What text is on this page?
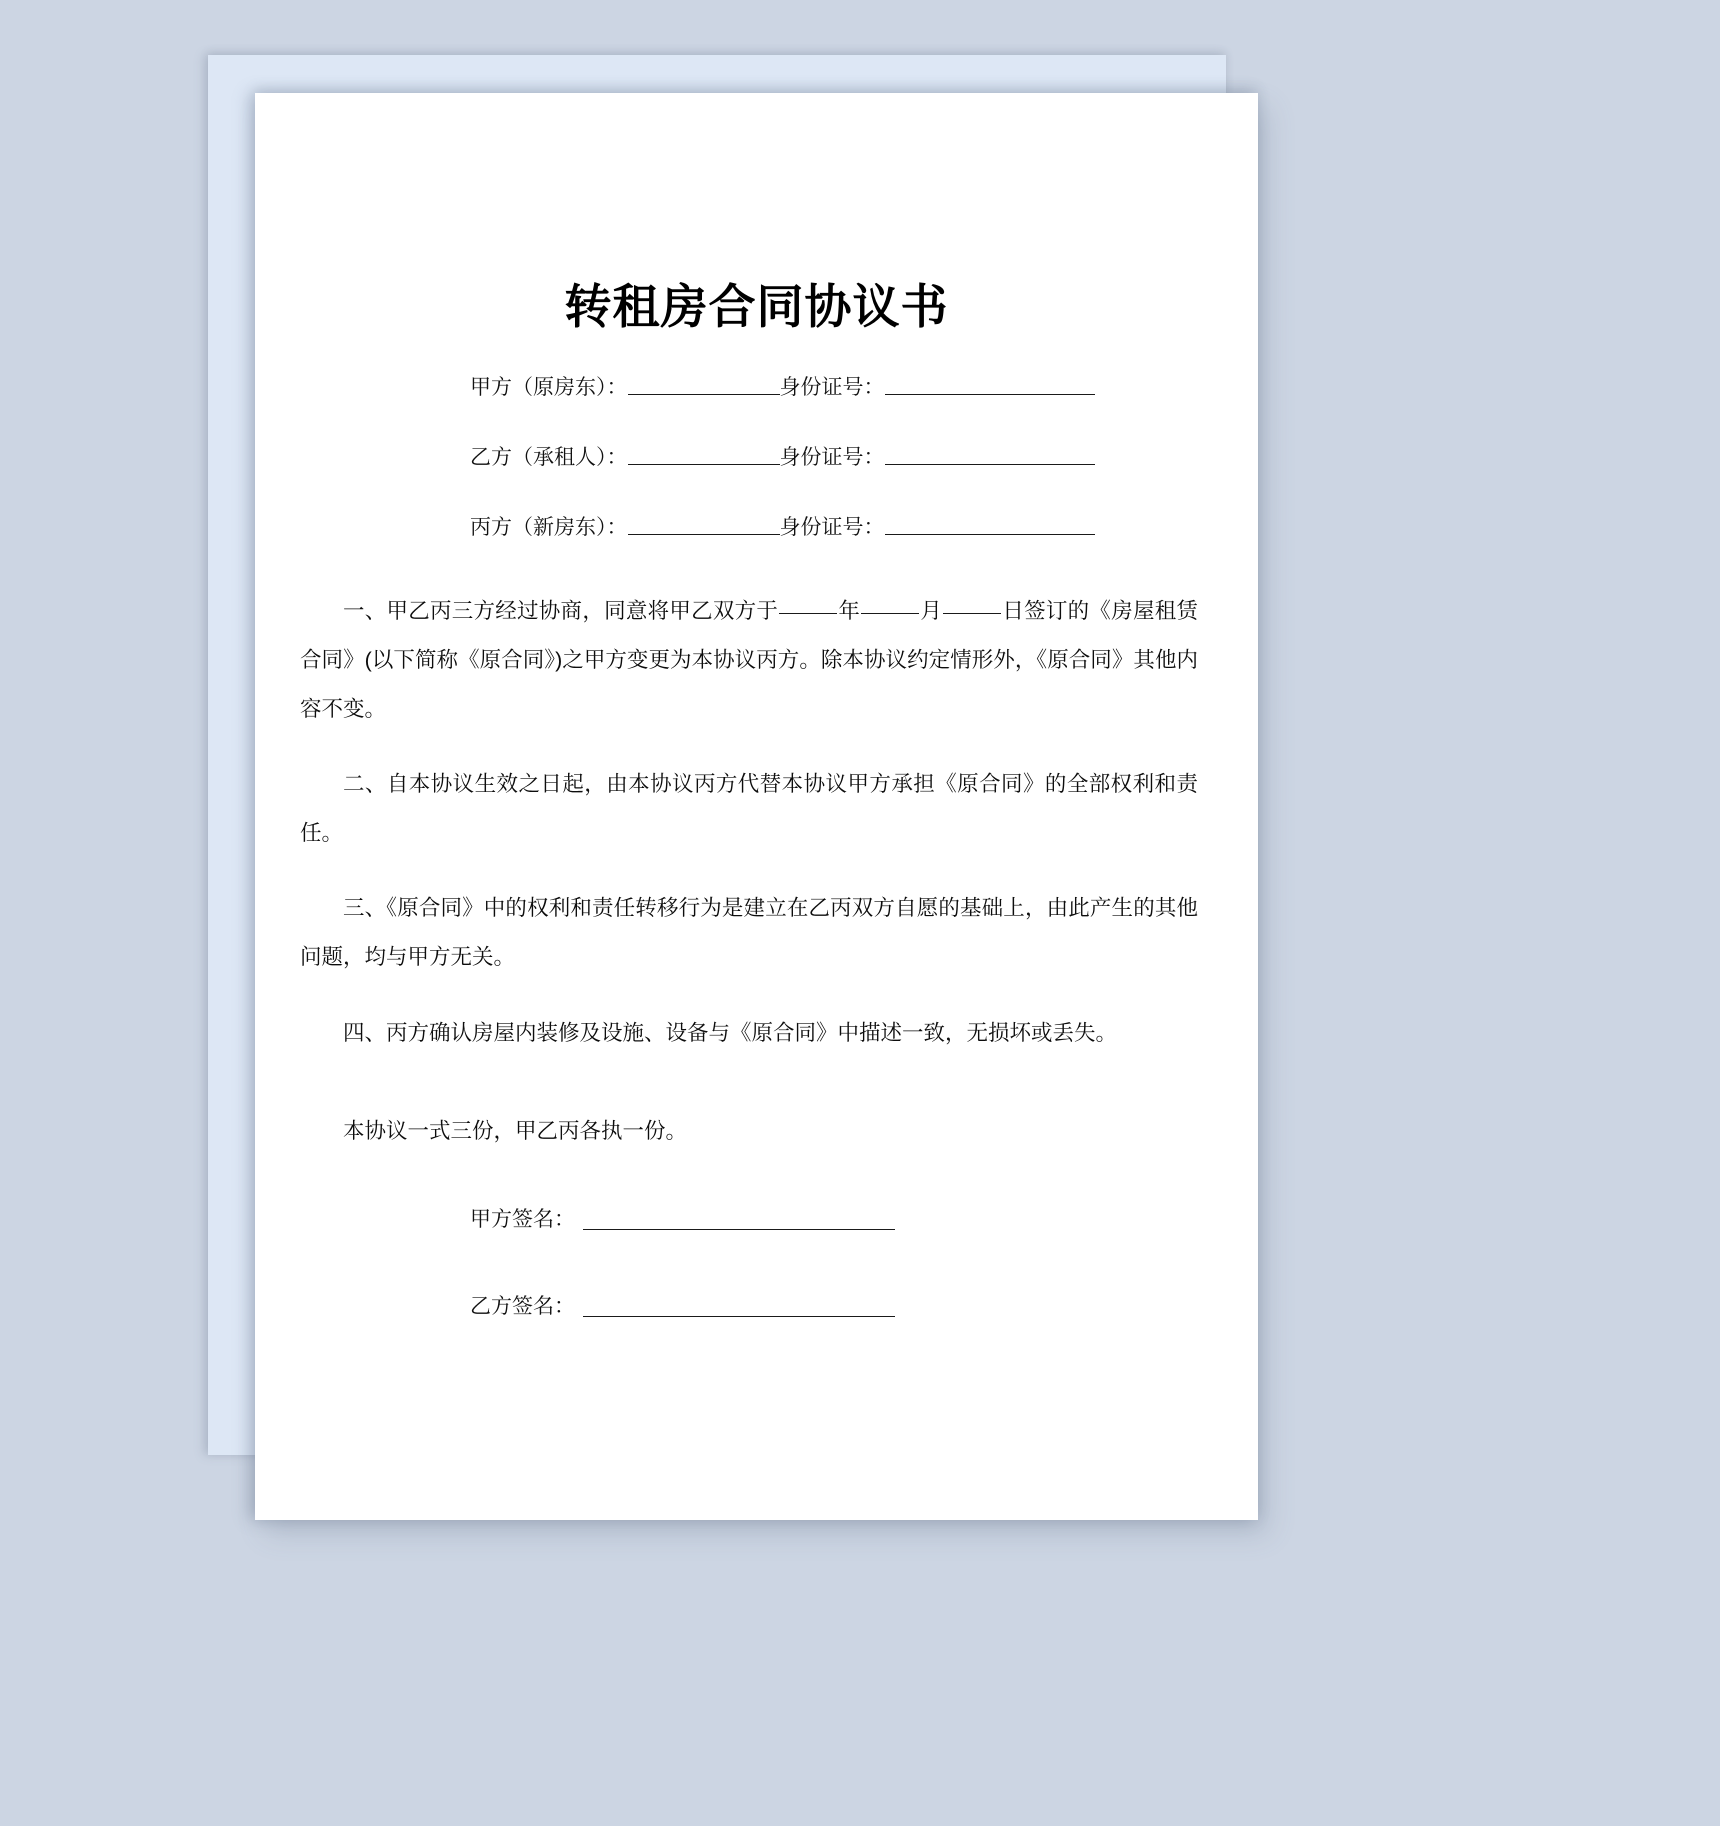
转租房合同协议书
甲方（原房东）：	身份证号：
乙方（承租人）：	身份证号：
丙方（新房东）：	身份证号：

一、甲乙丙三方经过协商，同意将甲乙双方于	年	月	日签订的《房屋租赁合同》(以下简称《原合同》)之甲方变更为本协议丙方。除本协议约定情形外，《原合同》其他内容不变。

二、自本协议生效之日起，由本协议丙方代替本协议甲方承担《原合同》的全部权利和责任。

三、《原合同》中的权利和责任转移行为是建立在乙丙双方自愿的基础上，由此产生的其他问题，均与甲方无关。

四、丙方确认房屋内装修及设施、设备与《原合同》中描述一致，无损坏或丢失。

本协议一式三份，甲乙丙各执一份。
甲方签名：
乙方签名：
